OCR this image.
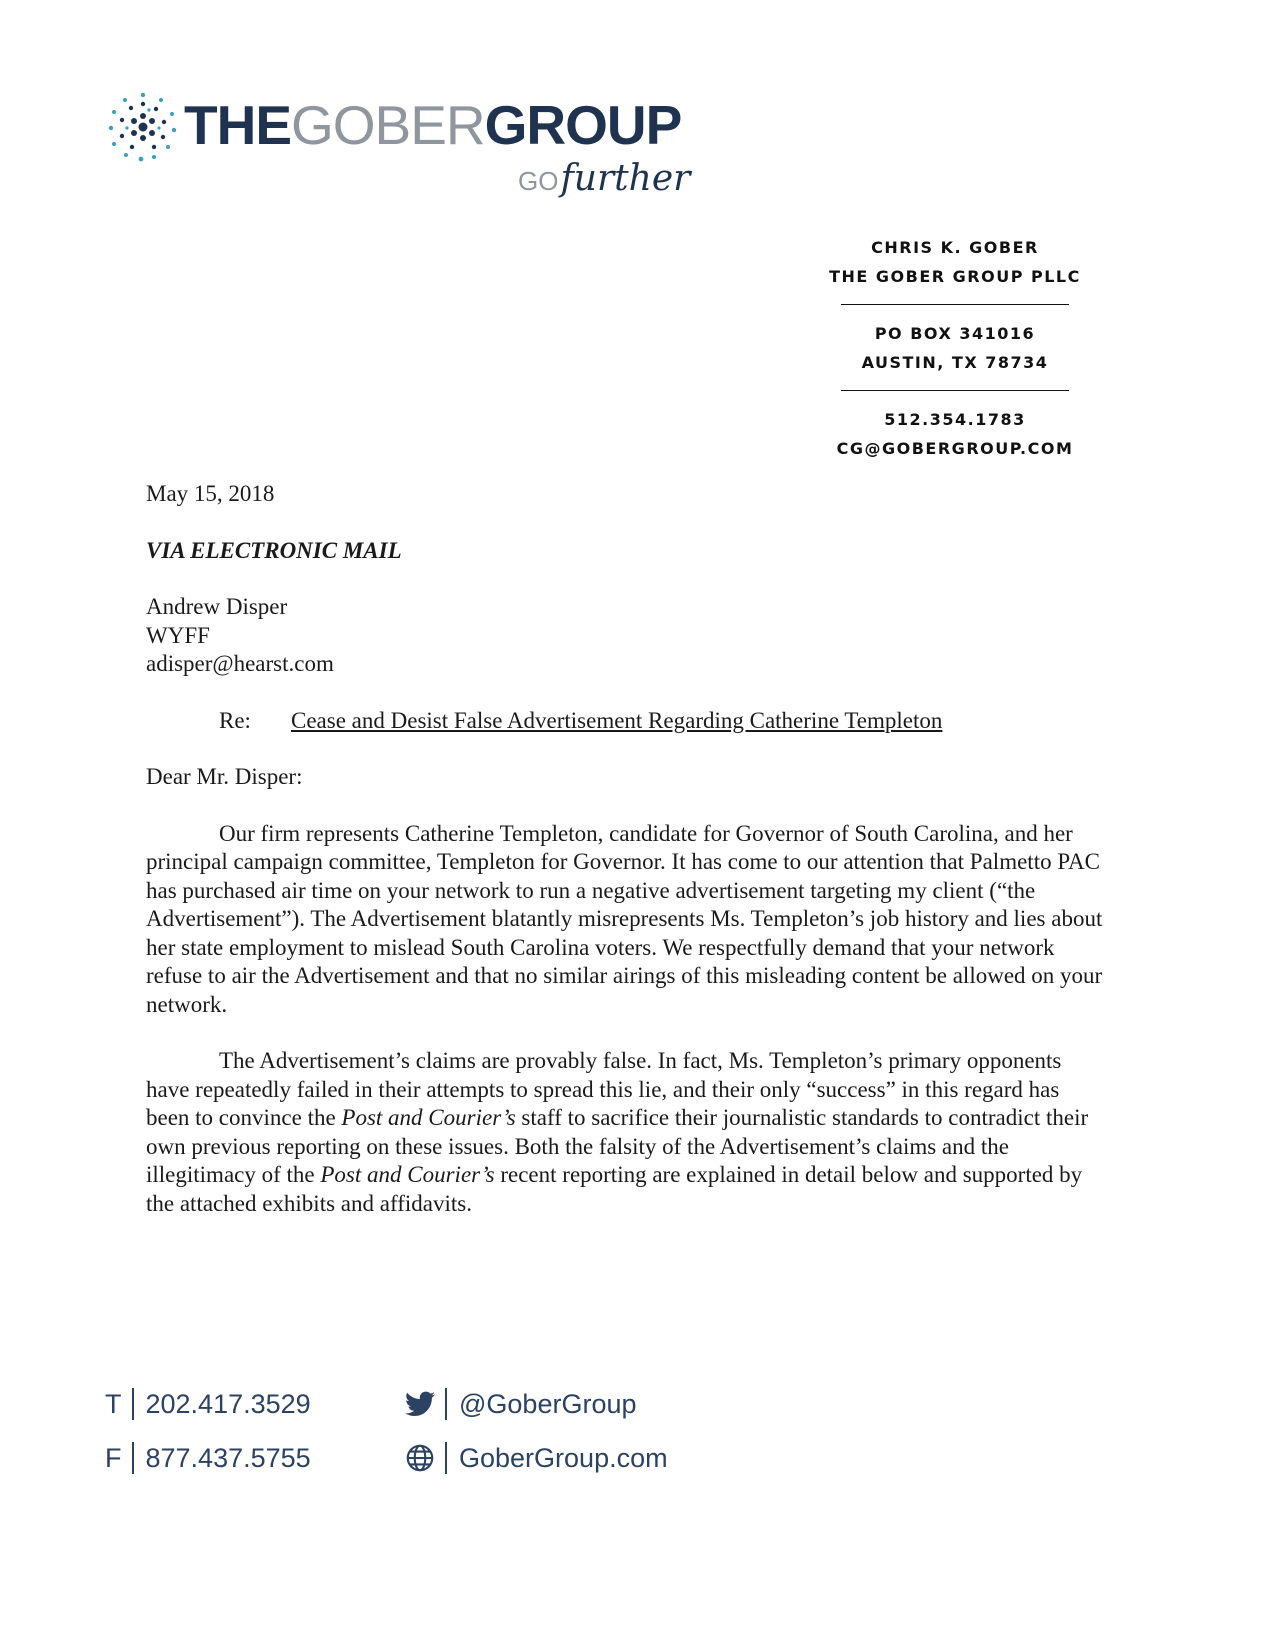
THEGOBERGROUP
GOfurther
CHRIS K. GOBER
THE GOBER GROUP PLLC
PO BOX 341016
AUSTIN, TX 78734
512.354.1783
CG@GOBERGROUP.COM

May 15, 2018

VIA ELECTRONIC MAIL

Andrew Disper
WYFF
adisper@hearst.com

Re: Cease and Desist False Advertisement Regarding Catherine Templeton

Dear Mr. Disper:

Our firm represents Catherine Templeton, candidate for Governor of South Carolina, and her principal campaign committee, Templeton for Governor. It has come to our attention that Palmetto PAC has purchased air time on your network to run a negative advertisement targeting my client (“the Advertisement”). The Advertisement blatantly misrepresents Ms. Templeton’s job history and lies about her state employment to mislead South Carolina voters. We respectfully demand that your network refuse to air the Advertisement and that no similar airings of this misleading content be allowed on your network.

The Advertisement’s claims are provably false. In fact, Ms. Templeton’s primary opponents have repeatedly failed in their attempts to spread this lie, and their only “success” in this regard has been to convince the Post and Courier’s staff to sacrifice their journalistic standards to contradict their own previous reporting on these issues. Both the falsity of the Advertisement’s claims and the illegitimacy of the Post and Courier’s recent reporting are explained in detail below and supported by the attached exhibits and affidavits.

T 202.417.3529
F 877.437.5755
@GoberGroup
GoberGroup.com
